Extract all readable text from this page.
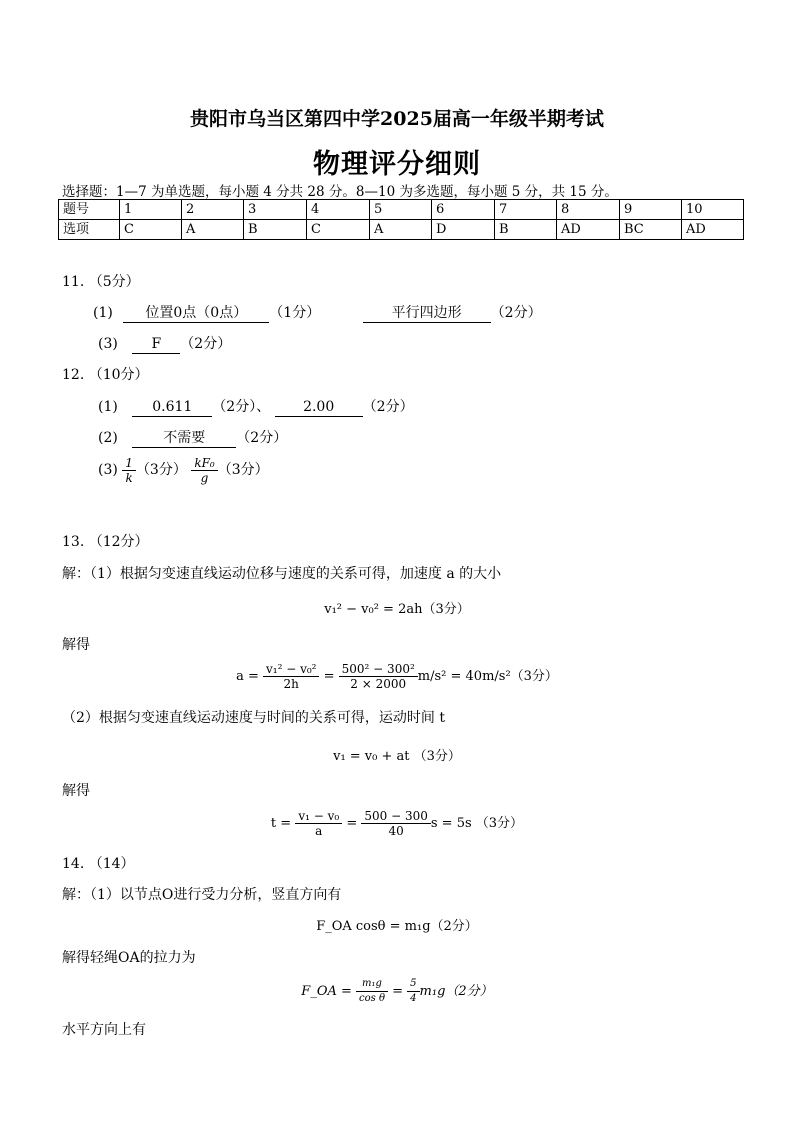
贵阳市乌当区第四中学2025届高一年级半期考试
物理评分细则
选择题：1—7 为单选题，每小题 4 分共 28 分。8—10 为多选题，每小题 5 分，共 15 分。
题号	1	2	3	4	5	6	7	8	9	10
选项	C	A	B	C	A	D	B	AD	BC	AD
11. （5分）
(1) 位置0点（0点） （1分）	平行四边形 （2分）
(3) F （2分）
12. （10分）
(1) 0.611 （2分）、 2.00 （2分）
(2)	不需要 （2分）
$(3) \frac{1}{k} (3$分） $\frac{\text{kF₀}}{g} (3$分）
13. （12分）
解：（1）根据匀变速直线运动位移与速度的关系可得，加速度 a 的大小
v₁² − v₀² = 2ah（3分）
解得
$a = \frac{\text{v₁² − v₀²}}{2h} = \frac{\text{500² − 300²}}{2 \times 2000} m/s^2 = 40m/s^2(3$分）
（2）根据匀变速直线运动速度与时间的关系可得，运动时间 t
v₁ = v₀ + at （3分）
解得
$t = \frac{\text{v₁ − v₀}}{a} = \frac{500 - 300}{40}$ s = 5s （3分）
14. （14）
解：（1）以节点O进行受力分析，竖直方向有
F_OA cosθ = m₁g（2分）
解得轻绳OA的拉力为
F_OA = $\frac{\text{m₁g}}{\text{cos θ}} = \frac{5}{4} m_1g(2$分）
水平方向上有
